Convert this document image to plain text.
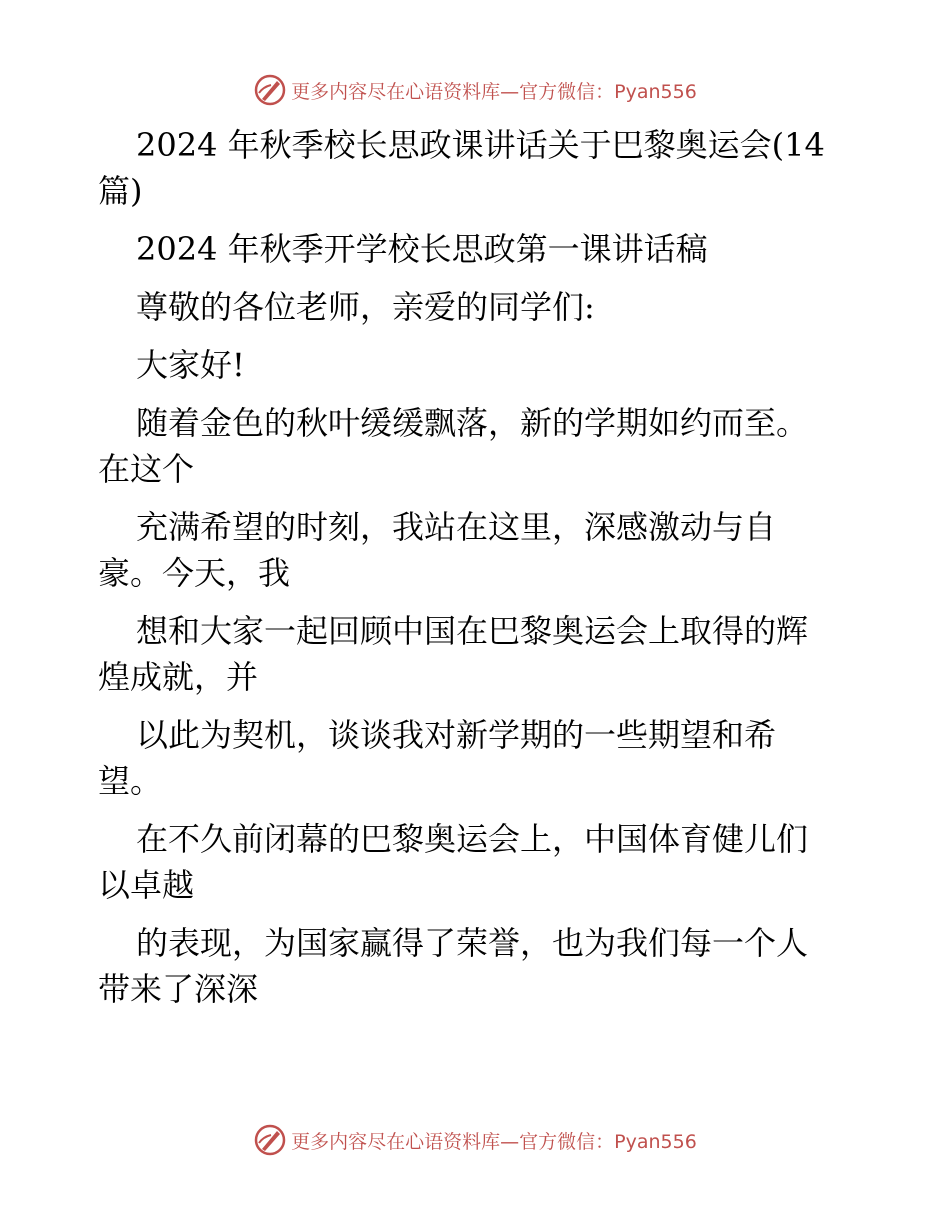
更多内容尽在心语资料库—官方微信：Pyan556
2024 年秋季校长思政课讲话关于巴黎奥运会(14
篇)
2024 年秋季开学校长思政第一课讲话稿
尊敬的各位老师，亲爱的同学们:
大家好!
随着金色的秋叶缓缓飘落，新的学期如约而至。
在这个
充满希望的时刻，我站在这里，深感激动与自
豪。今天，我
想和大家一起回顾中国在巴黎奥运会上取得的辉
煌成就，并
以此为契机，谈谈我对新学期的一些期望和希
望。
在不久前闭幕的巴黎奥运会上，中国体育健儿们
以卓越
的表现，为国家赢得了荣誉，也为我们每一个人
带来了深深
更多内容尽在心语资料库—官方微信：Pyan556
